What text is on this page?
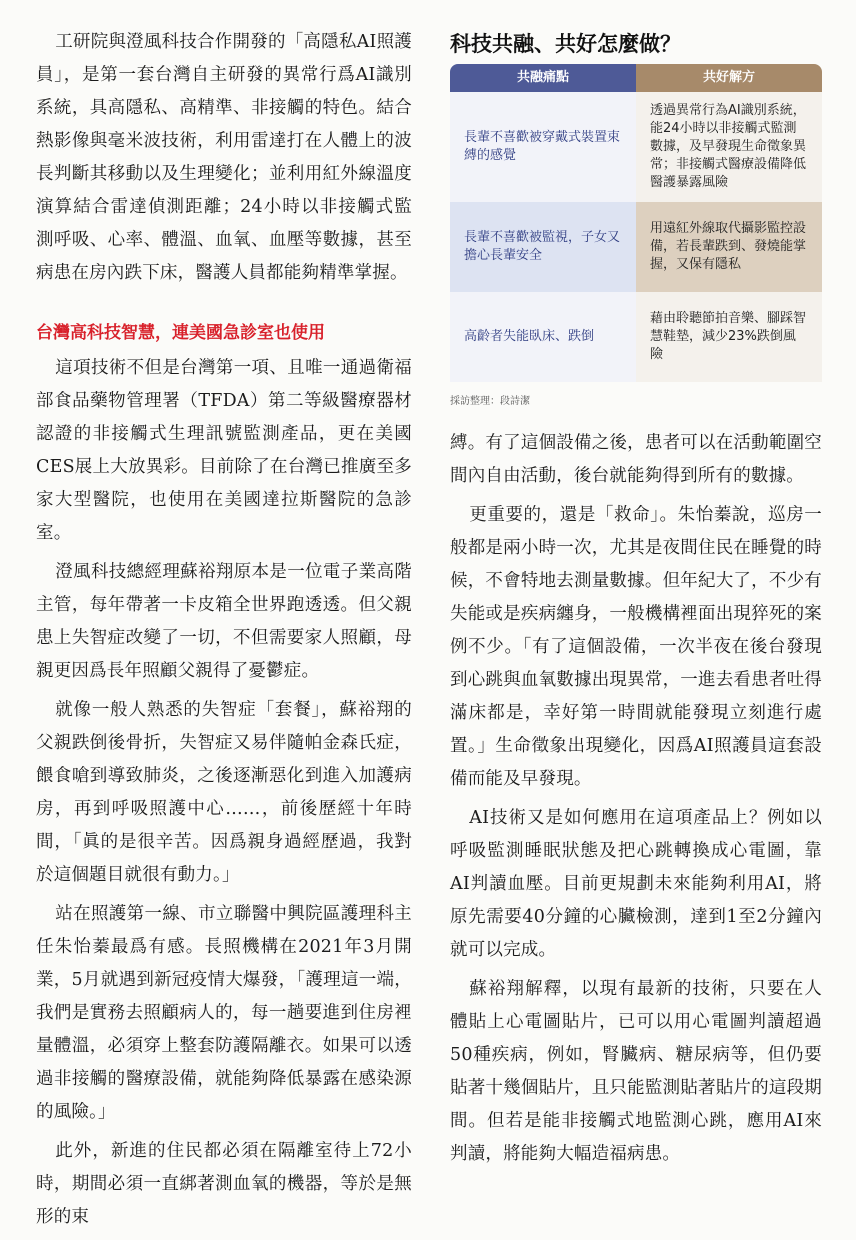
工研院與澄風科技合作開發的「高隱私AI照護員」，是第一套台灣自主研發的異常行爲AI識別系統，具高隱私、高精準、非接觸的特色。結合熱影像與毫米波技術，利用雷達打在人體上的波長判斷其移動以及生理變化；並利用紅外線溫度演算結合雷達偵測距離；24小時以非接觸式監測呼吸、心率、體溫、血氧、血壓等數據，甚至病患在房內跌下床，醫護人員都能夠精準掌握。

台灣高科技智慧，連美國急診室也使用

這項技術不但是台灣第一項、且唯一通過衛福部食品藥物管理署（TFDA）第二等級醫療器材認證的非接觸式生理訊號監測產品，更在美國CES展上大放異彩。目前除了在台灣已推廣至多家大型醫院，也使用在美國達拉斯醫院的急診室。

澄風科技總經理蘇裕翔原本是一位電子業高階主管，每年帶著一卡皮箱全世界跑透透。但父親患上失智症改變了一切，不但需要家人照顧，母親更因爲長年照顧父親得了憂鬱症。

就像一般人熟悉的失智症「套餐」，蘇裕翔的父親跌倒後骨折，失智症又易伴隨帕金森氏症，餵食嗆到導致肺炎，之後逐漸惡化到進入加護病房，再到呼吸照護中心……，前後歷經十年時間，「眞的是很辛苦。因爲親身過經歷過，我對於這個題目就很有動力。」

站在照護第一線、市立聯醫中興院區護理科主任朱怡蓁最爲有感。長照機構在2021年3月開業，5月就遇到新冠疫情大爆發，「護理這一端，我們是實務去照顧病人的，每一趟要進到住房裡量體溫，必須穿上整套防護隔離衣。如果可以透過非接觸的醫療設備，就能夠降低暴露在感染源的風險。」

此外，新進的住民都必須在隔離室待上72小時，期間必須一直綁著測血氧的機器，等於是無形的束

科技共融、共好怎麼做？
共融痛點	共好解方
長輩不喜歡被穿戴式裝置束縛的感覺	透過異常行為AI識別系統，能24小時以非接觸式監測數據，及早發現生命徵象異常；非接觸式醫療設備降低醫護暴露風險
長輩不喜歡被監視，子女又擔心長輩安全	用遠紅外線取代攝影監控設備，若長輩跌到、發燒能掌握，又保有隱私
高齡者失能臥床、跌倒	藉由聆聽節拍音樂、腳踩智慧鞋墊，減少23%跌倒風險
採訪整理：段詩潔

縛。有了這個設備之後，患者可以在活動範圍空間內自由活動，後台就能夠得到所有的數據。

更重要的，還是「救命」。朱怡蓁說，巡房一般都是兩小時一次，尤其是夜間住民在睡覺的時候，不會特地去測量數據。但年紀大了，不少有失能或是疾病纏身，一般機構裡面出現猝死的案例不少。「有了這個設備，一次半夜在後台發現到心跳與血氧數據出現異常，一進去看患者吐得滿床都是，幸好第一時間就能發現立刻進行處置。」生命徵象出現變化，因爲AI照護員這套設備而能及早發現。

AI技術又是如何應用在這項產品上？例如以呼吸監測睡眠狀態及把心跳轉換成心電圖，靠AI判讀血壓。目前更規劃未來能夠利用AI，將原先需要40分鐘的心臟檢測，達到1至2分鐘內就可以完成。

蘇裕翔解釋，以現有最新的技術，只要在人體貼上心電圖貼片，已可以用心電圖判讀超過50種疾病，例如，腎臟病、糖尿病等，但仍要貼著十幾個貼片，且只能監測貼著貼片的這段期間。但若是能非接觸式地監測心跳，應用AI來判讀，將能夠大幅造福病患。
